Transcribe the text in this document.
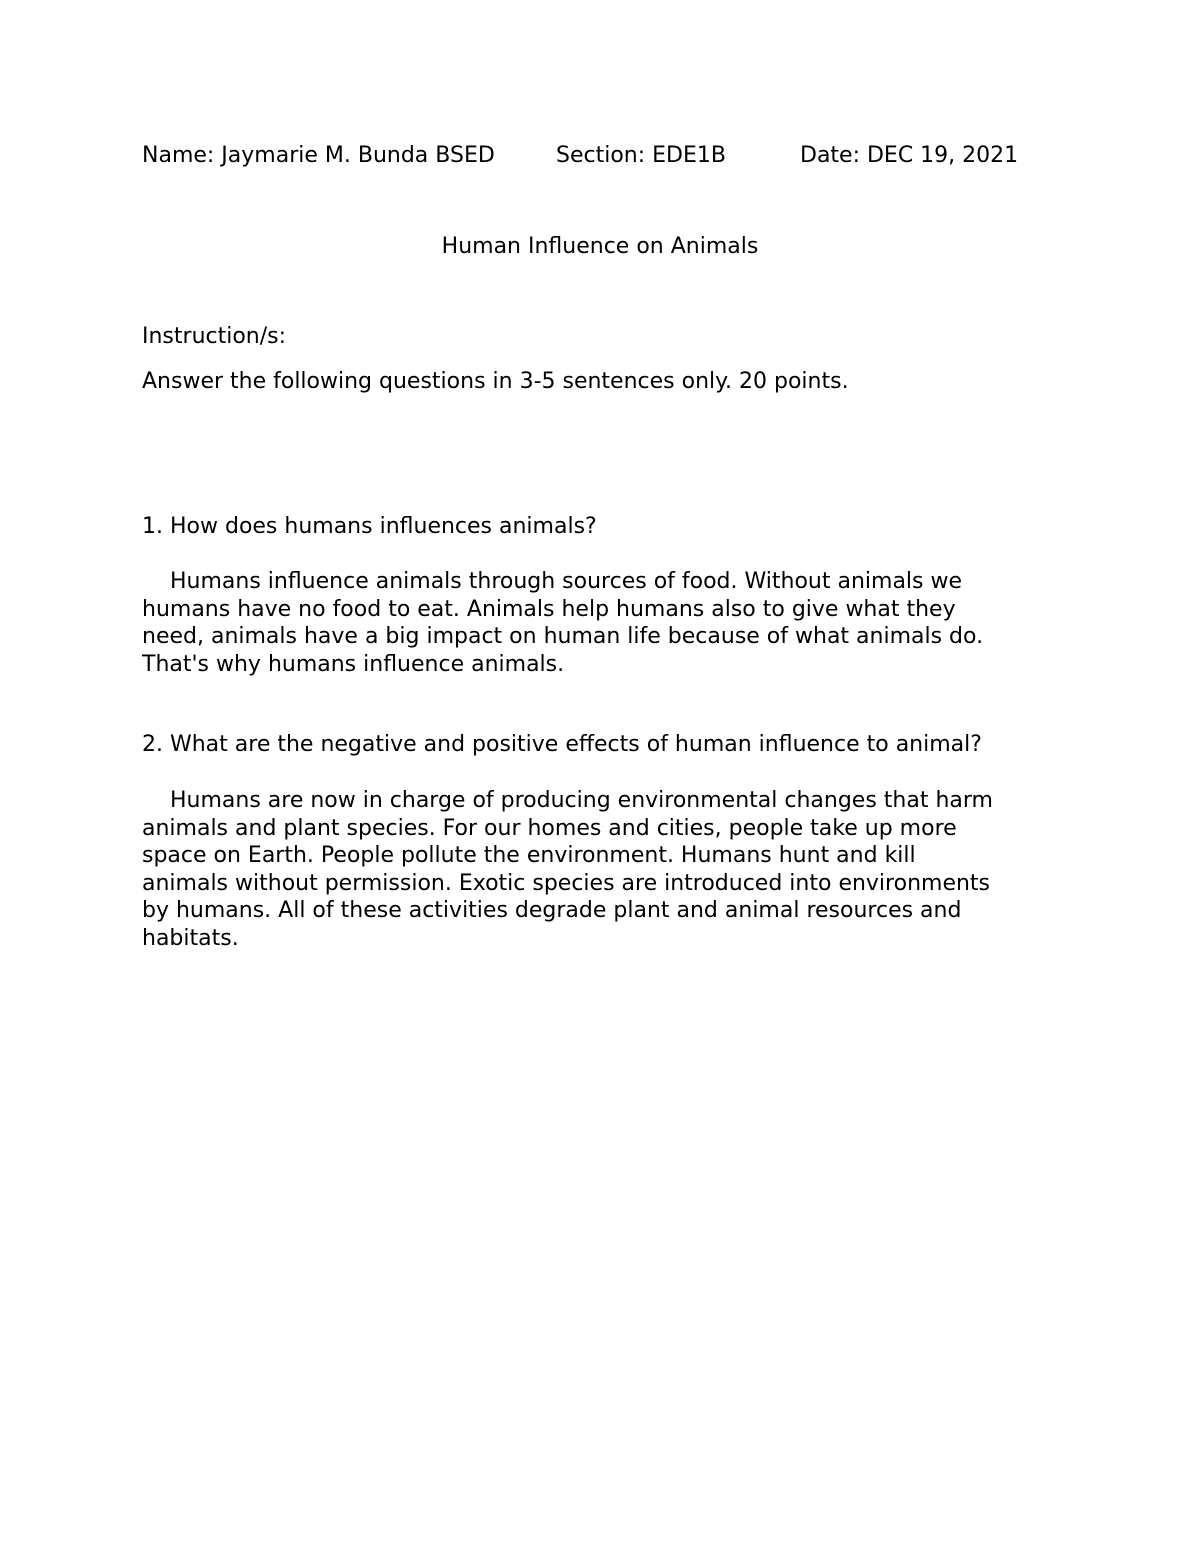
Name: Jaymarie M. Bunda BSED	Section: EDE1B	Date: DEC 19, 2021
Human Influence on Animals
Instruction/s:
Answer the following questions in 3-5 sentences only. 20 points.
1. How does humans influences animals?
Humans influence animals through sources of food. Without animals we
humans have no food to eat. Animals help humans also to give what they
need, animals have a big impact on human life because of what animals do.
That's why humans influence animals.
2. What are the negative and positive effects of human influence to animal?
Humans are now in charge of producing environmental changes that harm
animals and plant species. For our homes and cities, people take up more
space on Earth. People pollute the environment. Humans hunt and kill
animals without permission. Exotic species are introduced into environments
by humans. All of these activities degrade plant and animal resources and
habitats.
